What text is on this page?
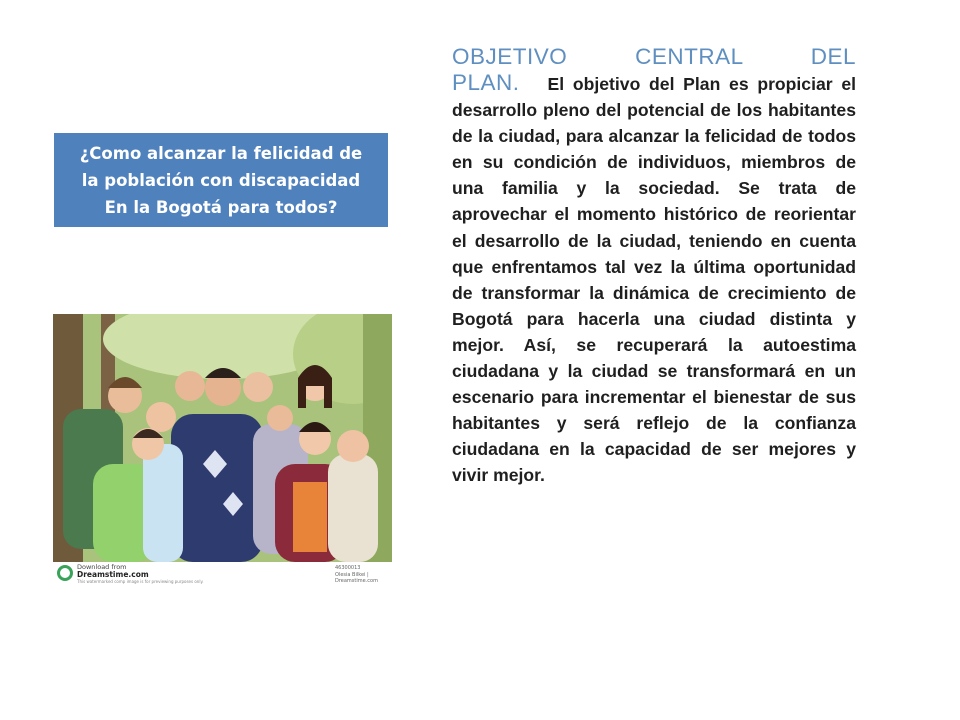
¿Como alcanzar la felicidad de
la población con discapacidad
En la Bogotá para todos?
Download from
Dreamstime.com
This watermarked comp image is for previewing purposes only.
46300013
Olesia Bilkei | Dreamstime.com
OBJETIVO CENTRAL DEL
PLAN. El objetivo del Plan es propiciar el desarrollo pleno del potencial de los habitantes de la ciudad, para alcanzar la felicidad de todos en su condición de individuos, miembros de una familia y la sociedad. Se trata de aprovechar el momento histórico de reorientar el desarrollo de la ciudad, teniendo en cuenta que enfrentamos tal vez la última oportunidad de transformar la dinámica de crecimiento de Bogotá para hacerla una ciudad distinta y mejor. Así, se recuperará la autoestima ciudadana y la ciudad se transformará en un escenario para incrementar el bienestar de sus habitantes y será reflejo de la confianza ciudadana en la capacidad de ser mejores y vivir mejor.
